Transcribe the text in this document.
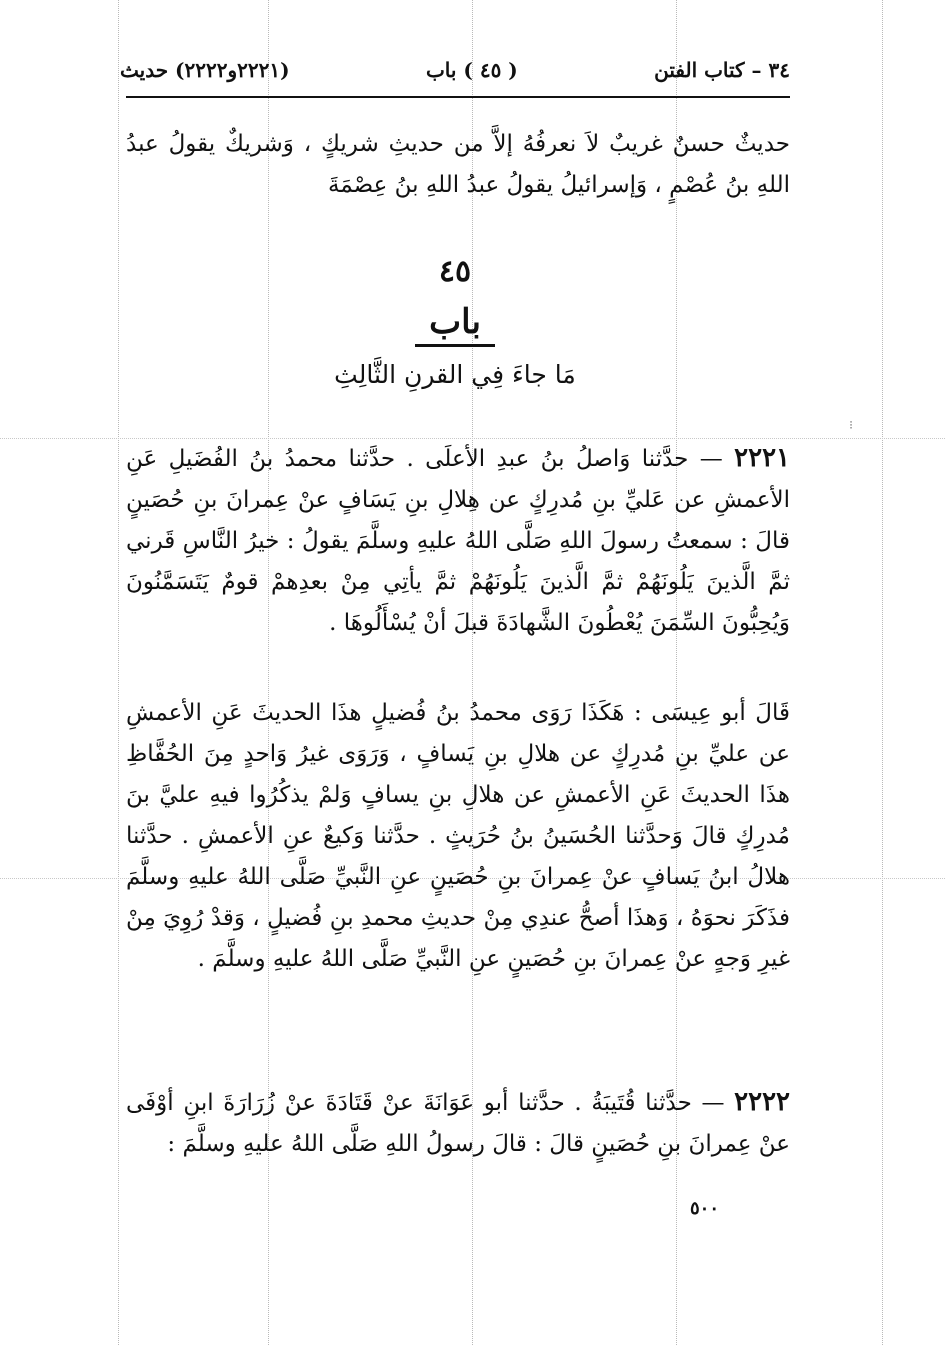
٣٤ – كتاب الفتن
( ٤٥ ) باب
(٢٢٢١و٢٢٢٢) حديث

حديثٌ حسنٌ غريبٌ لاَ نعرفُهُ إلاَّ من حديثِ شريكٍ ، وَشريكٌ يقولُ عبدُ اللهِ بنُ عُصْمٍ ، وَإسرائيلُ يقولُ عبدُ اللهِ بنُ عِصْمَةَ

٤٥
باب
مَا جاءَ فِي القرنِ الثَّالِثِ

٢٢٢١ — حدَّثنا وَاصلُ بنُ عبدِ الأعلَى . حدَّثنا محمدُ بنُ الفُضَيلِ عَنِ الأعمشِ عن عَليِّ بنِ مُدرِكٍ عن هِلالِ بنِ يَسَافٍ عنْ عِمرانَ بنِ حُصَينٍ قالَ : سمعتُ رسولَ اللهِ صَلَّى اللهُ عليهِ وسلَّمَ يقولُ : خيرُ النَّاسِ قَرني ثمَّ الَّذينَ يَلُونَهُمْ ثمَّ الَّذينَ يَلُونَهُمْ ثمَّ يأتِي مِنْ بعدِهمْ قومٌ يَتَسَمَّنُونَ وَيُحِبُّونَ السِّمَنَ يُعْطُونَ الشَّهادَةَ قبلَ أنْ يُسْأَلُوهَا .

قَالَ أبو عِيسَى : هَكَذَا رَوَى محمدُ بنُ فُضيلٍ هذَا الحديثَ عَنِ الأعمشِ عن عليِّ بنِ مُدرِكٍ عن هلالِ بنِ يَسافٍ ، وَرَوَى غيرُ وَاحدٍ مِنَ الحُفَّاظِ هذَا الحديثَ عَنِ الأعمشِ عن هلالِ بنِ يسافٍ وَلمْ يذكُرُوا فيهِ عليَّ بنَ مُدرِكٍ قالَ وَحدَّثنا الحُسَينُ بنُ حُرَيثٍ . حدَّثنا وَكيعٌ عنِ الأعمشِ . حدَّثنا هلالُ ابنُ يَسافٍ عنْ عِمرانَ بنِ حُصَينٍ عنِ النَّبيِّ صَلَّى اللهُ عليهِ وسلَّمَ فذَكَرَ نحوَهُ ، وَهذَا أصحُّ عندِي مِنْ حديثِ محمدِ بنِ فُضيلٍ ، وَقدْ رُوِيَ مِنْ غيرِ وَجهٍ عنْ عِمرانَ بنِ حُصَينٍ عنِ النَّبيِّ صَلَّى اللهُ عليهِ وسلَّمَ .

٢٢٢٢ — حدَّثنا قُتَيبَةُ . حدَّثنا أبو عَوَانَةَ عنْ قَتَادَةَ عنْ زُرَارَةَ ابنِ أوْفَى عنْ عِمرانَ بنِ حُصَينٍ قالَ : قالَ رسولُ اللهِ صَلَّى اللهُ عليهِ وسلَّمَ :

٥٠٠
⁝
